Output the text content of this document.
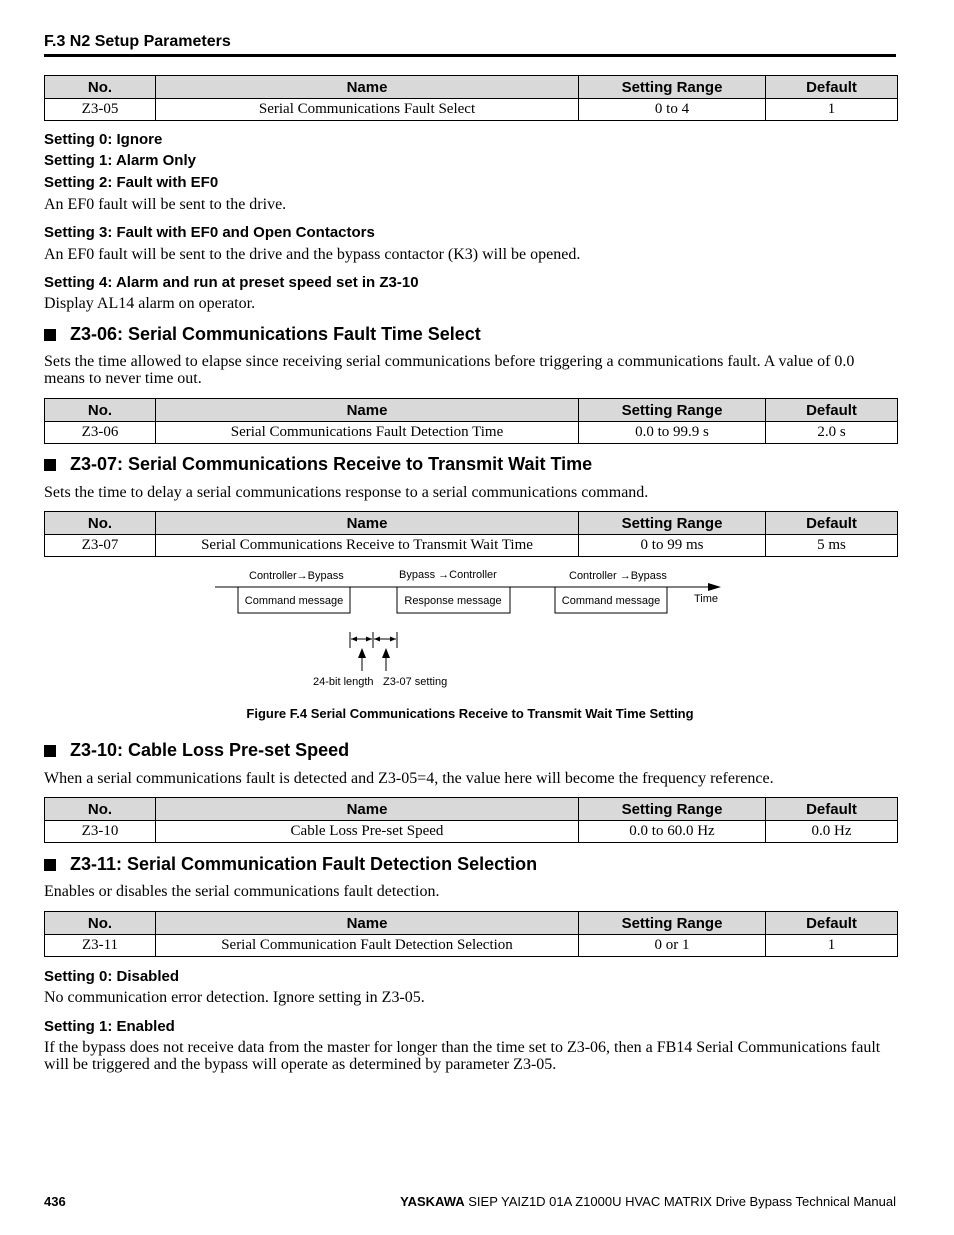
F.3 N2 Setup Parameters
No.	Name	Setting Range	Default
Z3-05	Serial Communications Fault Select	0 to 4	1
Setting 0: Ignore
Setting 1: Alarm Only
Setting 2: Fault with EF0
An EF0 fault will be sent to the drive.
Setting 3: Fault with EF0 and Open Contactors
An EF0 fault will be sent to the drive and the bypass contactor (K3) will be opened.
Setting 4: Alarm and run at preset speed set in Z3-10
Display AL14 alarm on operator.
Z3-06: Serial Communications Fault Time Select
Sets the time allowed to elapse since receiving serial communications before triggering a communications fault. A value of 0.0 means to never time out.
No.	Name	Setting Range	Default
Z3-06	Serial Communications Fault Detection Time	0.0 to 99.9 s	2.0 s
Z3-07: Serial Communications Receive to Transmit Wait Time
Sets the time to delay a serial communications response to a serial communications command.
No.	Name	Setting Range	Default
Z3-07	Serial Communications Receive to Transmit Wait Time	0 to 99 ms	5 ms
Controller→Bypass	Bypass →Controller	Controller →Bypass
Time
Command message	Response message	Command message
24-bit length Z3-07 setting
Figure F.4 Serial Communications Receive to Transmit Wait Time Setting
Z3-10: Cable Loss Pre-set Speed
When a serial communications fault is detected and Z3-05=4, the value here will become the frequency reference.
No.	Name	Setting Range	Default
Z3-10	Cable Loss Pre-set Speed	0.0 to 60.0 Hz	0.0 Hz
Z3-11: Serial Communication Fault Detection Selection
Enables or disables the serial communications fault detection.
No.	Name	Setting Range	Default
Z3-11	Serial Communication Fault Detection Selection	0 or 1	1
Setting 0: Disabled
No communication error detection. Ignore setting in Z3-05.
Setting 1: Enabled
If the bypass does not receive data from the master for longer than the time set to Z3-06, then a FB14 Serial Communications fault will be triggered and the bypass will operate as determined by parameter Z3-05.
436	YASKAWA SIEP YAIZ1D 01A Z1000U HVAC MATRIX Drive Bypass Technical Manual
